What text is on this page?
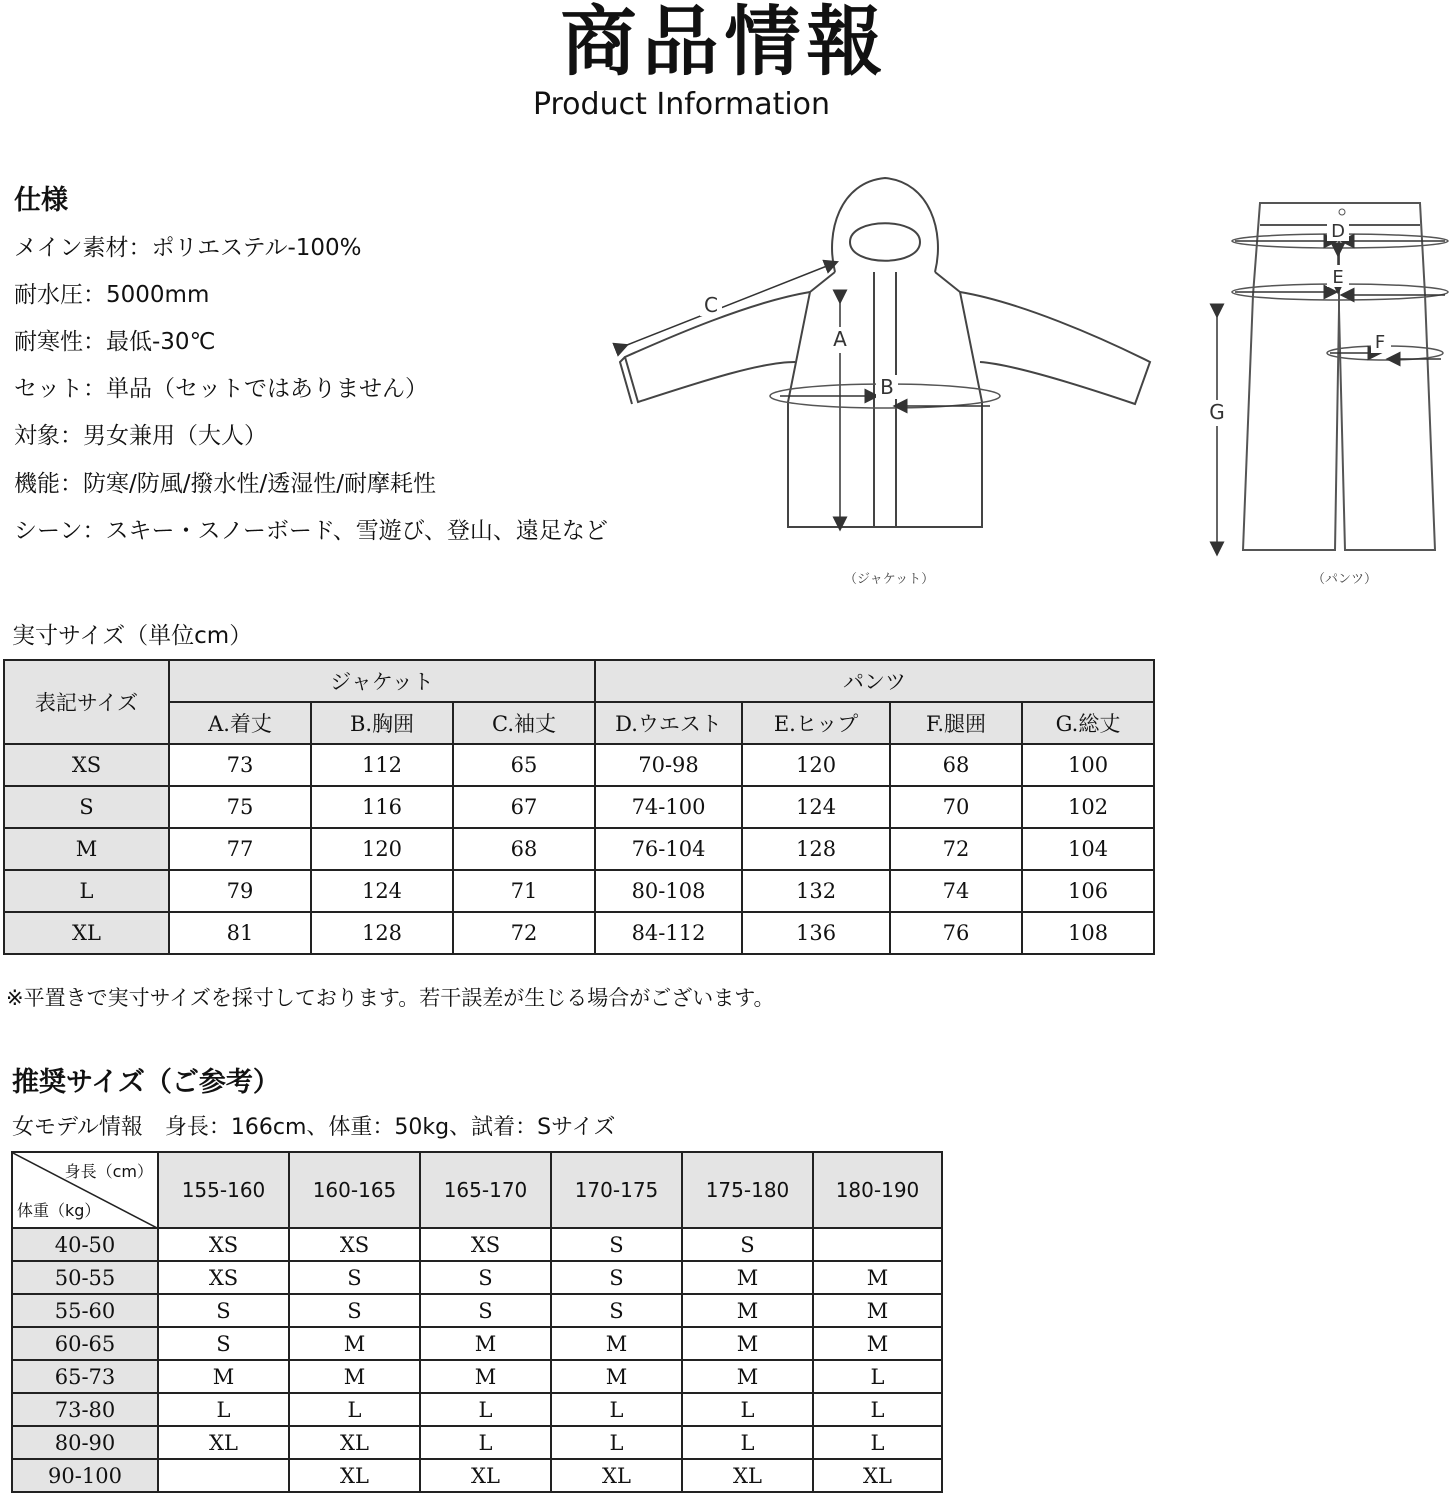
商品情報
Product Information
仕様
メイン素材：ポリエステル-100%
耐水圧：5000mm
耐寒性：最低-30℃
セット：単品（セットではありません）
対象：男女兼用（大人）
機能：防寒/防風/撥水性/透湿性/耐摩耗性
シーン：スキー・スノーボード、雪遊び、登山、遠足など
A
B
C
（ジャケット）
D
E
F
G
（パンツ）
実寸サイズ（単位cm）
表記サイズ	ジャケット			パンツ			
	A.着丈	B.胸囲	C.袖丈	D.ウエスト	E.ヒップ	F.腿囲	G.総丈
XS	73	112	65	70-98	120	68	100
S	75	116	67	74-100	124	70	102
M	77	120	68	76-104	128	72	104
L	79	124	71	80-108	132	74	106
XL	81	128	72	84-112	136	76	108
※平置きで実寸サイズを採寸しております。若干誤差が生じる場合がございます。
推奨サイズ（ご参考）
女モデル情報　身長：166cm、体重：50kg、試着：Sサイズ
身長（cm）
体重（kg）	155-160	160-165	165-170	170-175	175-180	180-190
40-50	XS	XS	XS	S	S	
50-55	XS	S	S	S	M	M
55-60	S	S	S	S	M	M
60-65	S	M	M	M	M	M
65-73	M	M	M	M	M	L
73-80	L	L	L	L	L	L
80-90	XL	XL	L	L	L	L
90-100		XL	XL	XL	XL	XL
